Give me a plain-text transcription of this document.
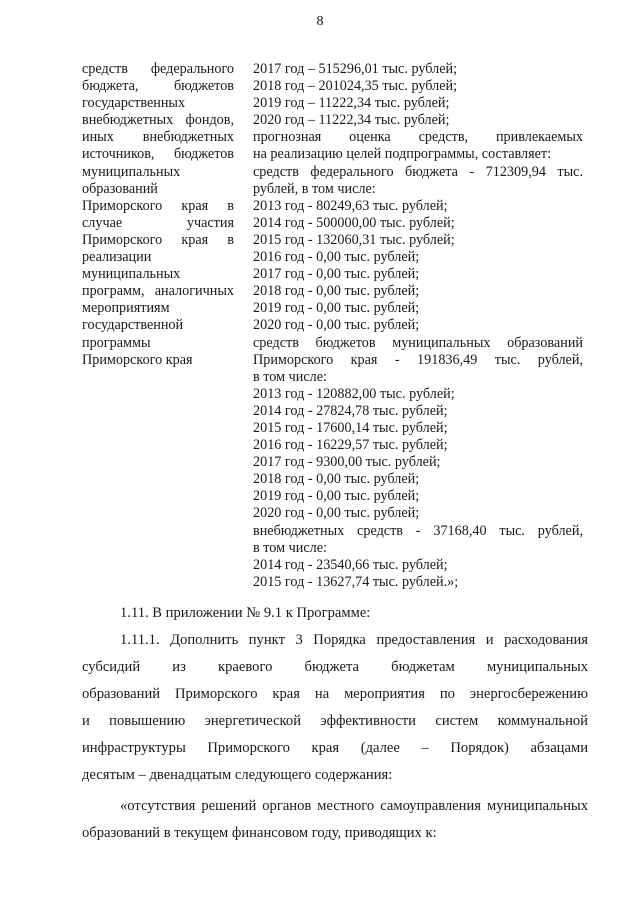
8
средств федерального
бюджета, бюджетов
государственных
внебюджетных фондов,
иных внебюджетных
источников, бюджетов
муниципальных
образований
Приморского края в
случае участия
Приморского края в
реализации
муниципальных
программ, аналогичных
мероприятиям
государственной
программы
Приморского края
2017 год – 515296,01 тыс. рублей;
2018 год – 201024,35 тыс. рублей;
2019 год – 11222,34 тыс. рублей;
2020 год – 11222,34 тыс. рублей;
прогнозная оценка средств, привлекаемых
на реализацию целей подпрограммы, составляет:
средств федерального бюджета - 712309,94 тыс.
рублей, в том числе:
2013 год - 80249,63 тыс. рублей;
2014 год - 500000,00 тыс. рублей;
2015 год - 132060,31 тыс. рублей;
2016 год - 0,00 тыс. рублей;
2017 год - 0,00 тыс. рублей;
2018 год - 0,00 тыс. рублей;
2019 год - 0,00 тыс. рублей;
2020 год - 0,00 тыс. рублей;
средств бюджетов муниципальных образований
Приморского края - 191836,49 тыс. рублей,
в том числе:
2013 год - 120882,00 тыс. рублей;
2014 год - 27824,78 тыс. рублей;
2015 год - 17600,14 тыс. рублей;
2016 год - 16229,57 тыс. рублей;
2017 год - 9300,00 тыс. рублей;
2018 год - 0,00 тыс. рублей;
2019 год - 0,00 тыс. рублей;
2020 год - 0,00 тыс. рублей;
внебюджетных средств - 37168,40 тыс. рублей,
в том числе:
2014 год - 23540,66 тыс. рублей;
2015 год - 13627,74 тыс. рублей.»;
1.11. В приложении № 9.1 к Программе:
1.11.1. Дополнить пункт 3 Порядка предоставления и расходования
субсидий из краевого бюджета бюджетам муниципальных
образований Приморского края на мероприятия по энергосбережению
и повышению энергетической эффективности систем коммунальной
инфраструктуры Приморского края (далее – Порядок) абзацами
десятым – двенадцатым следующего содержания:
«отсутствия решений органов местного самоуправления муниципальных
образований в текущем финансовом году, приводящих к:
